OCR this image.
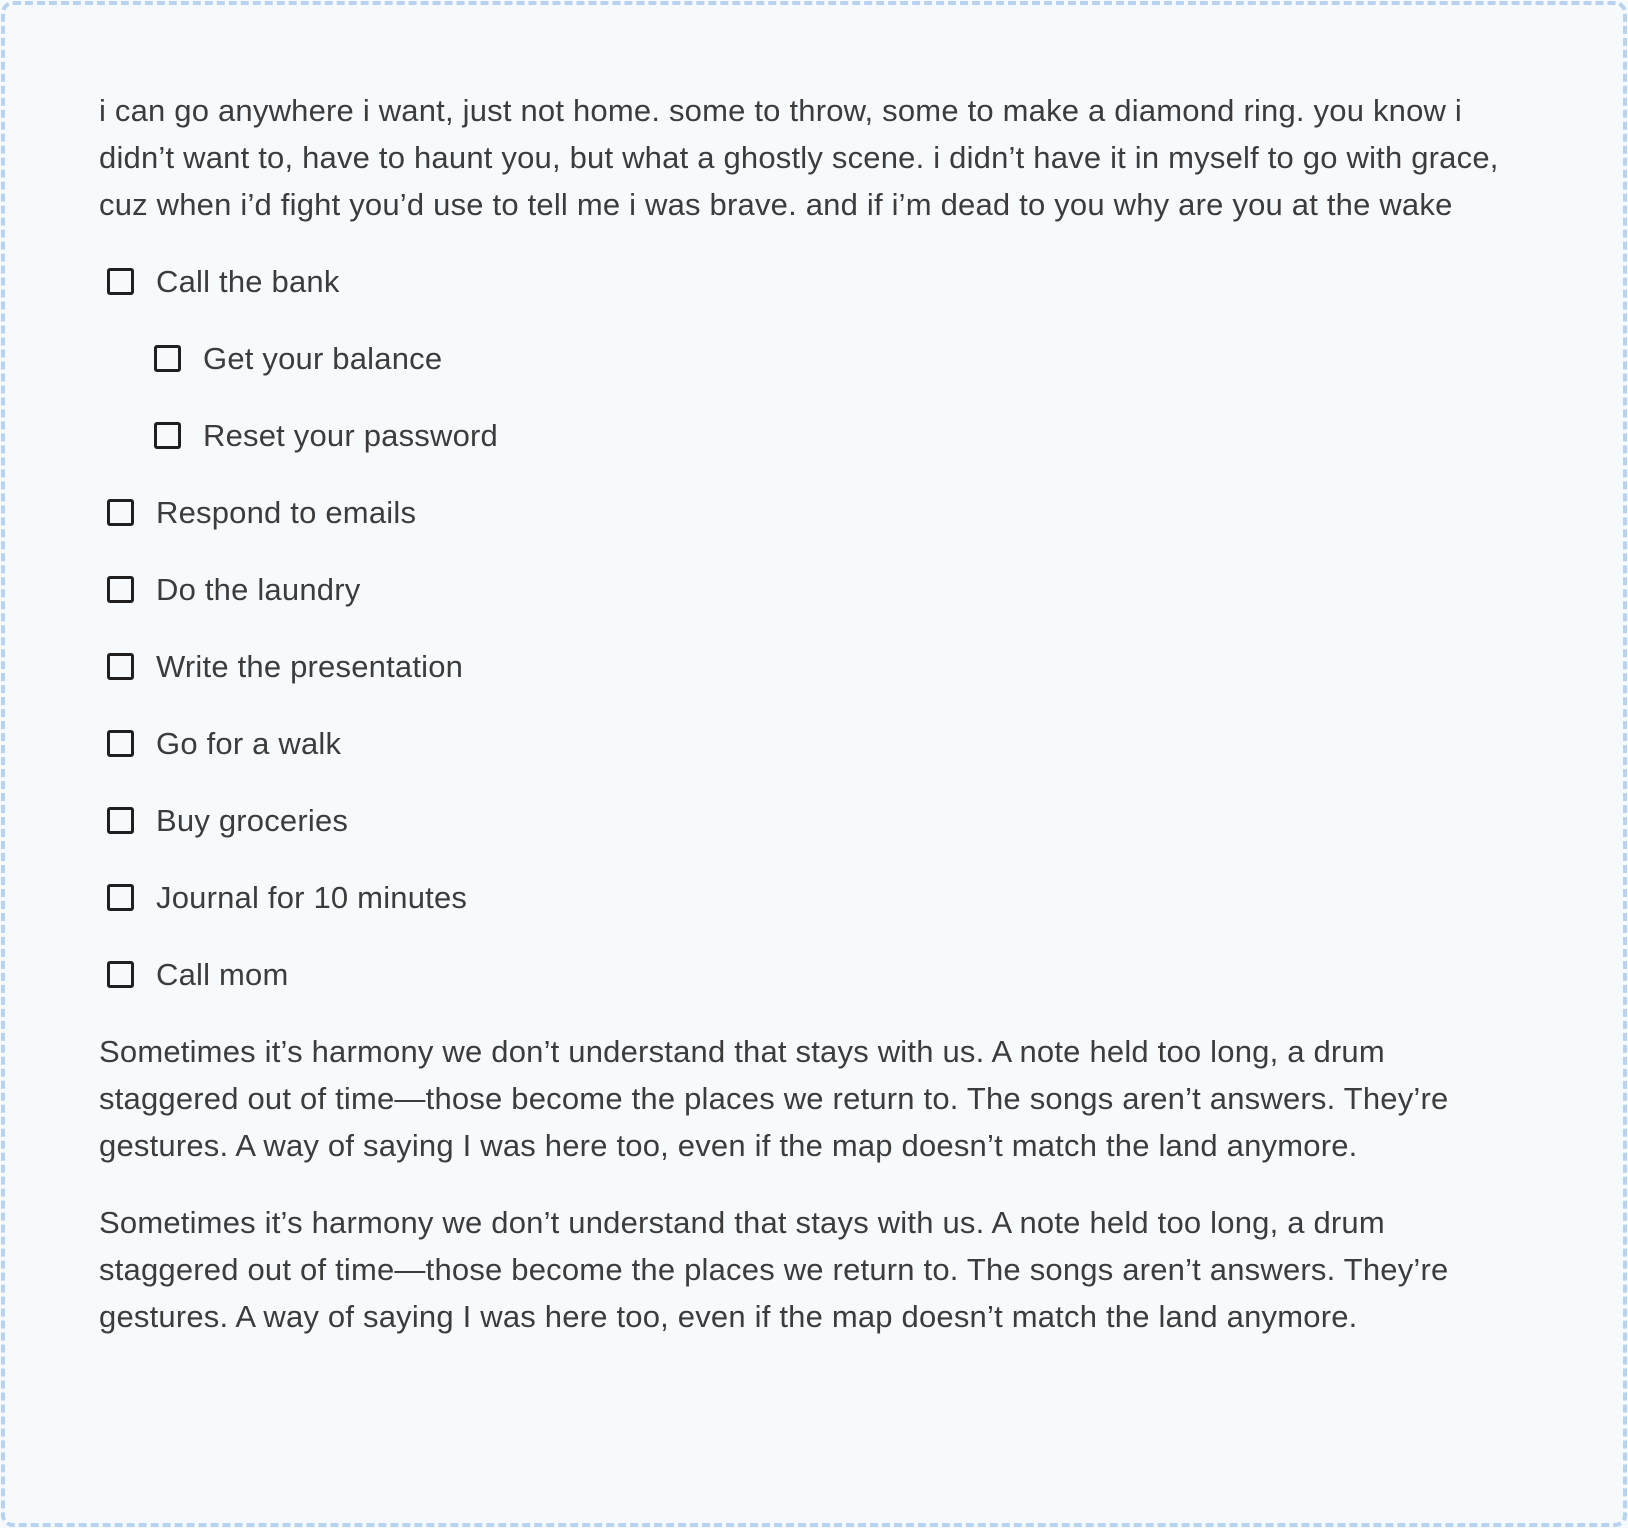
i can go anywhere i want, just not home. some to throw, some to make a diamond ring. you know i didn’t want to, have to haunt you, but what a ghostly scene. i didn’t have it in myself to go with grace, cuz when i’d fight you’d use to tell me i was brave. and if i’m dead to you why are you at the wake

Call the bank
Get your balance
Reset your password
Respond to emails
Do the laundry
Write the presentation
Go for a walk
Buy groceries
Journal for 10 minutes
Call mom

Sometimes it’s harmony we don’t understand that stays with us. A note held too long, a drum staggered out of time—those become the places we return to. The songs aren’t answers. They’re gestures. A way of saying I was here too, even if the map doesn’t match the land anymore.

Sometimes it’s harmony we don’t understand that stays with us. A note held too long, a drum staggered out of time—those become the places we return to. The songs aren’t answers. They’re gestures. A way of saying I was here too, even if the map doesn’t match the land anymore.
